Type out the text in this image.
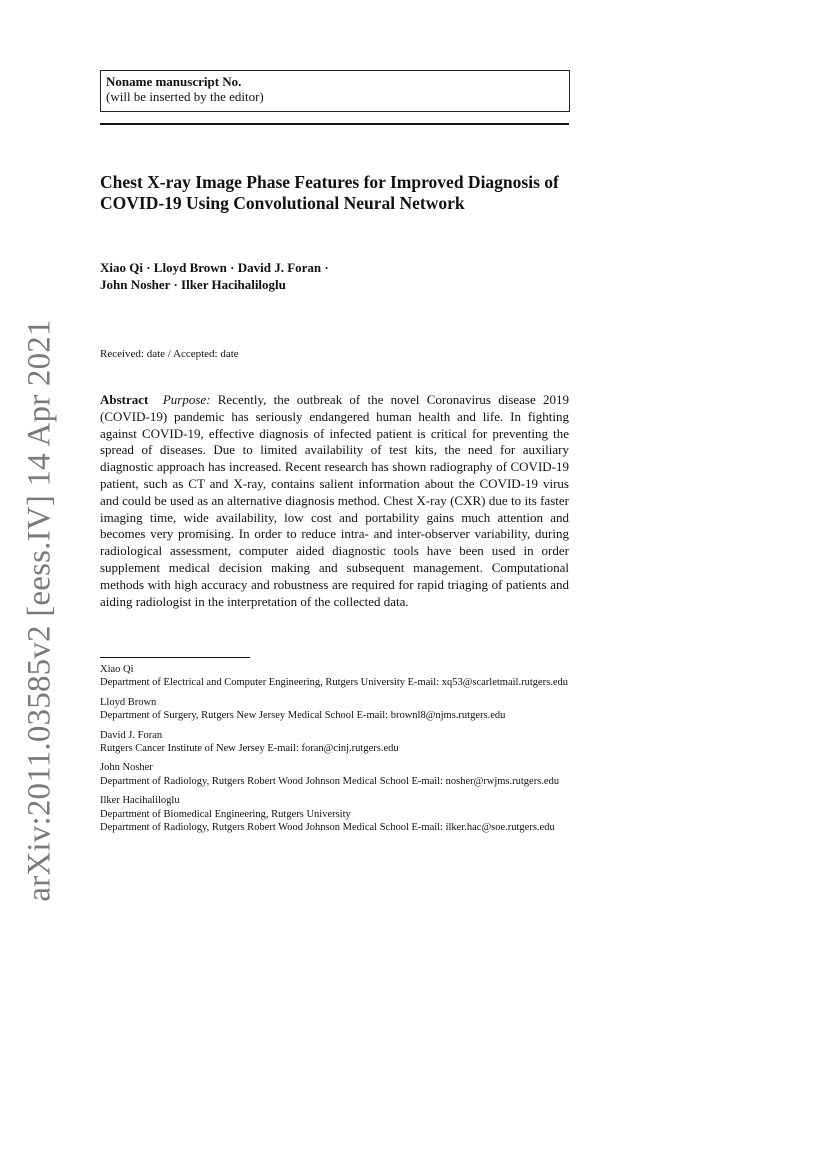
arXiv:2011.03585v2 [eess.IV] 14 Apr 2021
Noname manuscript No.
(will be inserted by the editor)
Chest X-ray Image Phase Features for Improved Diagnosis of COVID-19 Using Convolutional Neural Network
Xiao Qi · Lloyd Brown · David J. Foran · John Nosher · Ilker Hacihaliloglu
Received: date / Accepted: date
Abstract Purpose: Recently, the outbreak of the novel Coronavirus disease 2019 (COVID-19) pandemic has seriously endangered human health and life. In fighting against COVID-19, effective diagnosis of infected patient is critical for preventing the spread of diseases. Due to limited availability of test kits, the need for auxiliary diagnostic approach has increased. Recent research has shown radiography of COVID-19 patient, such as CT and X-ray, contains salient information about the COVID-19 virus and could be used as an alternative diagnosis method. Chest X-ray (CXR) due to its faster imaging time, wide availability, low cost and portability gains much attention and becomes very promising. In order to reduce intra- and inter-observer variability, during radiological assessment, computer aided diagnostic tools have been used in order supplement medical decision making and subsequent management. Computational methods with high accuracy and robustness are required for rapid triaging of patients and aiding radiologist in the interpretation of the collected data.
Xiao Qi
Department of Electrical and Computer Engineering, Rutgers University E-mail: xq53@scarletmail.rutgers.edu
Lloyd Brown
Department of Surgery, Rutgers New Jersey Medical School E-mail: brownl8@njms.rutgers.edu
David J. Foran
Rutgers Cancer Institute of New Jersey E-mail: foran@cinj.rutgers.edu
John Nosher
Department of Radiology, Rutgers Robert Wood Johnson Medical School E-mail: nosher@rwjms.rutgers.edu
Ilker Hacihaliloglu
Department of Biomedical Engineering, Rutgers University
Department of Radiology, Rutgers Robert Wood Johnson Medical School E-mail: ilker.hac@soe.rutgers.edu
